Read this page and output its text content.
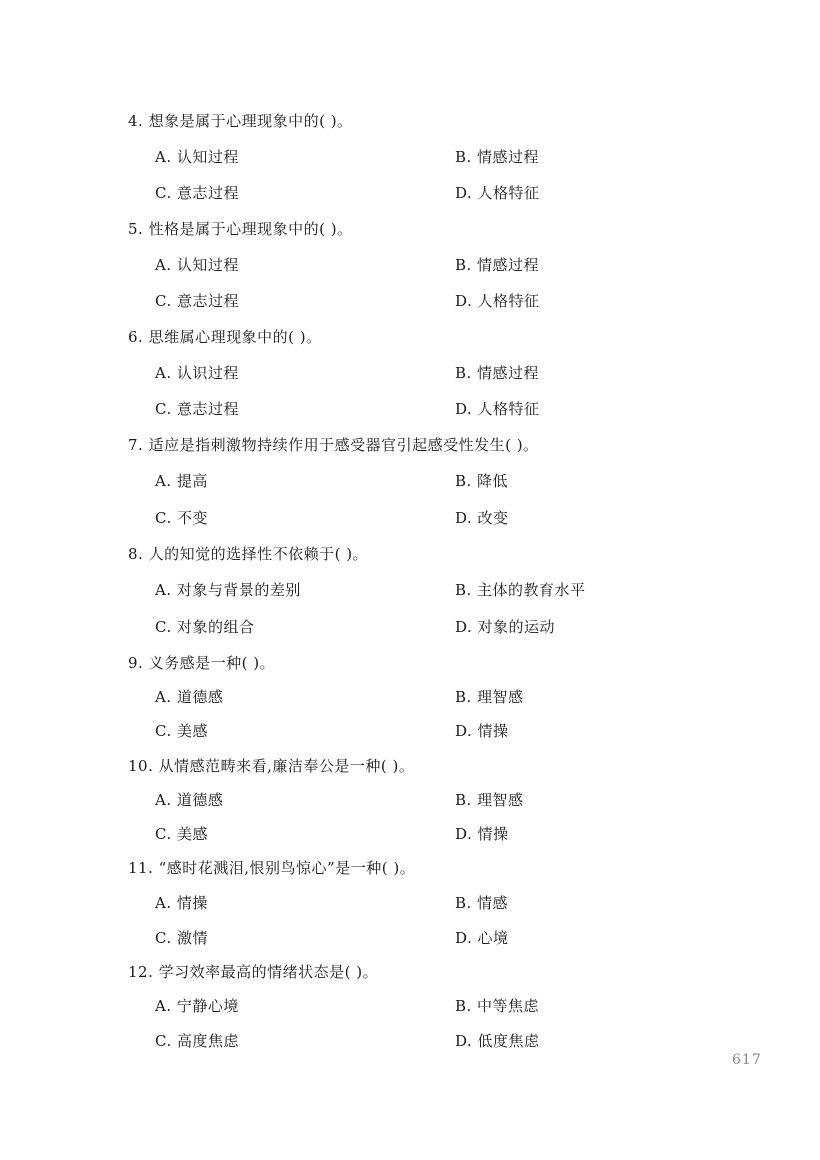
4. 想象是属于心理现象中的( )。
A. 认知过程	B. 情感过程
C. 意志过程	D. 人格特征
5. 性格是属于心理现象中的( )。
A. 认知过程	B. 情感过程
C. 意志过程	D. 人格特征
6. 思维属心理现象中的( )。
A. 认识过程	B. 情感过程
C. 意志过程	D. 人格特征
7. 适应是指刺激物持续作用于感受器官引起感受性发生( )。
A. 提高	B. 降低
C. 不变	D. 改变
8. 人的知觉的选择性不依赖于( )。
A. 对象与背景的差别	B. 主体的教育水平
C. 对象的组合	D. 对象的运动
9. 义务感是一种( )。
A. 道德感	B. 理智感
C. 美感	D. 情操
10. 从情感范畴来看,廉洁奉公是一种( )。
A. 道德感	B. 理智感
C. 美感	D. 情操
11. “感时花溅泪,恨别鸟惊心”是一种( )。
A. 情操	B. 情感
C. 激情	D. 心境
12. 学习效率最高的情绪状态是( )。
A. 宁静心境	B. 中等焦虑
C. 高度焦虑	D. 低度焦虑
617
